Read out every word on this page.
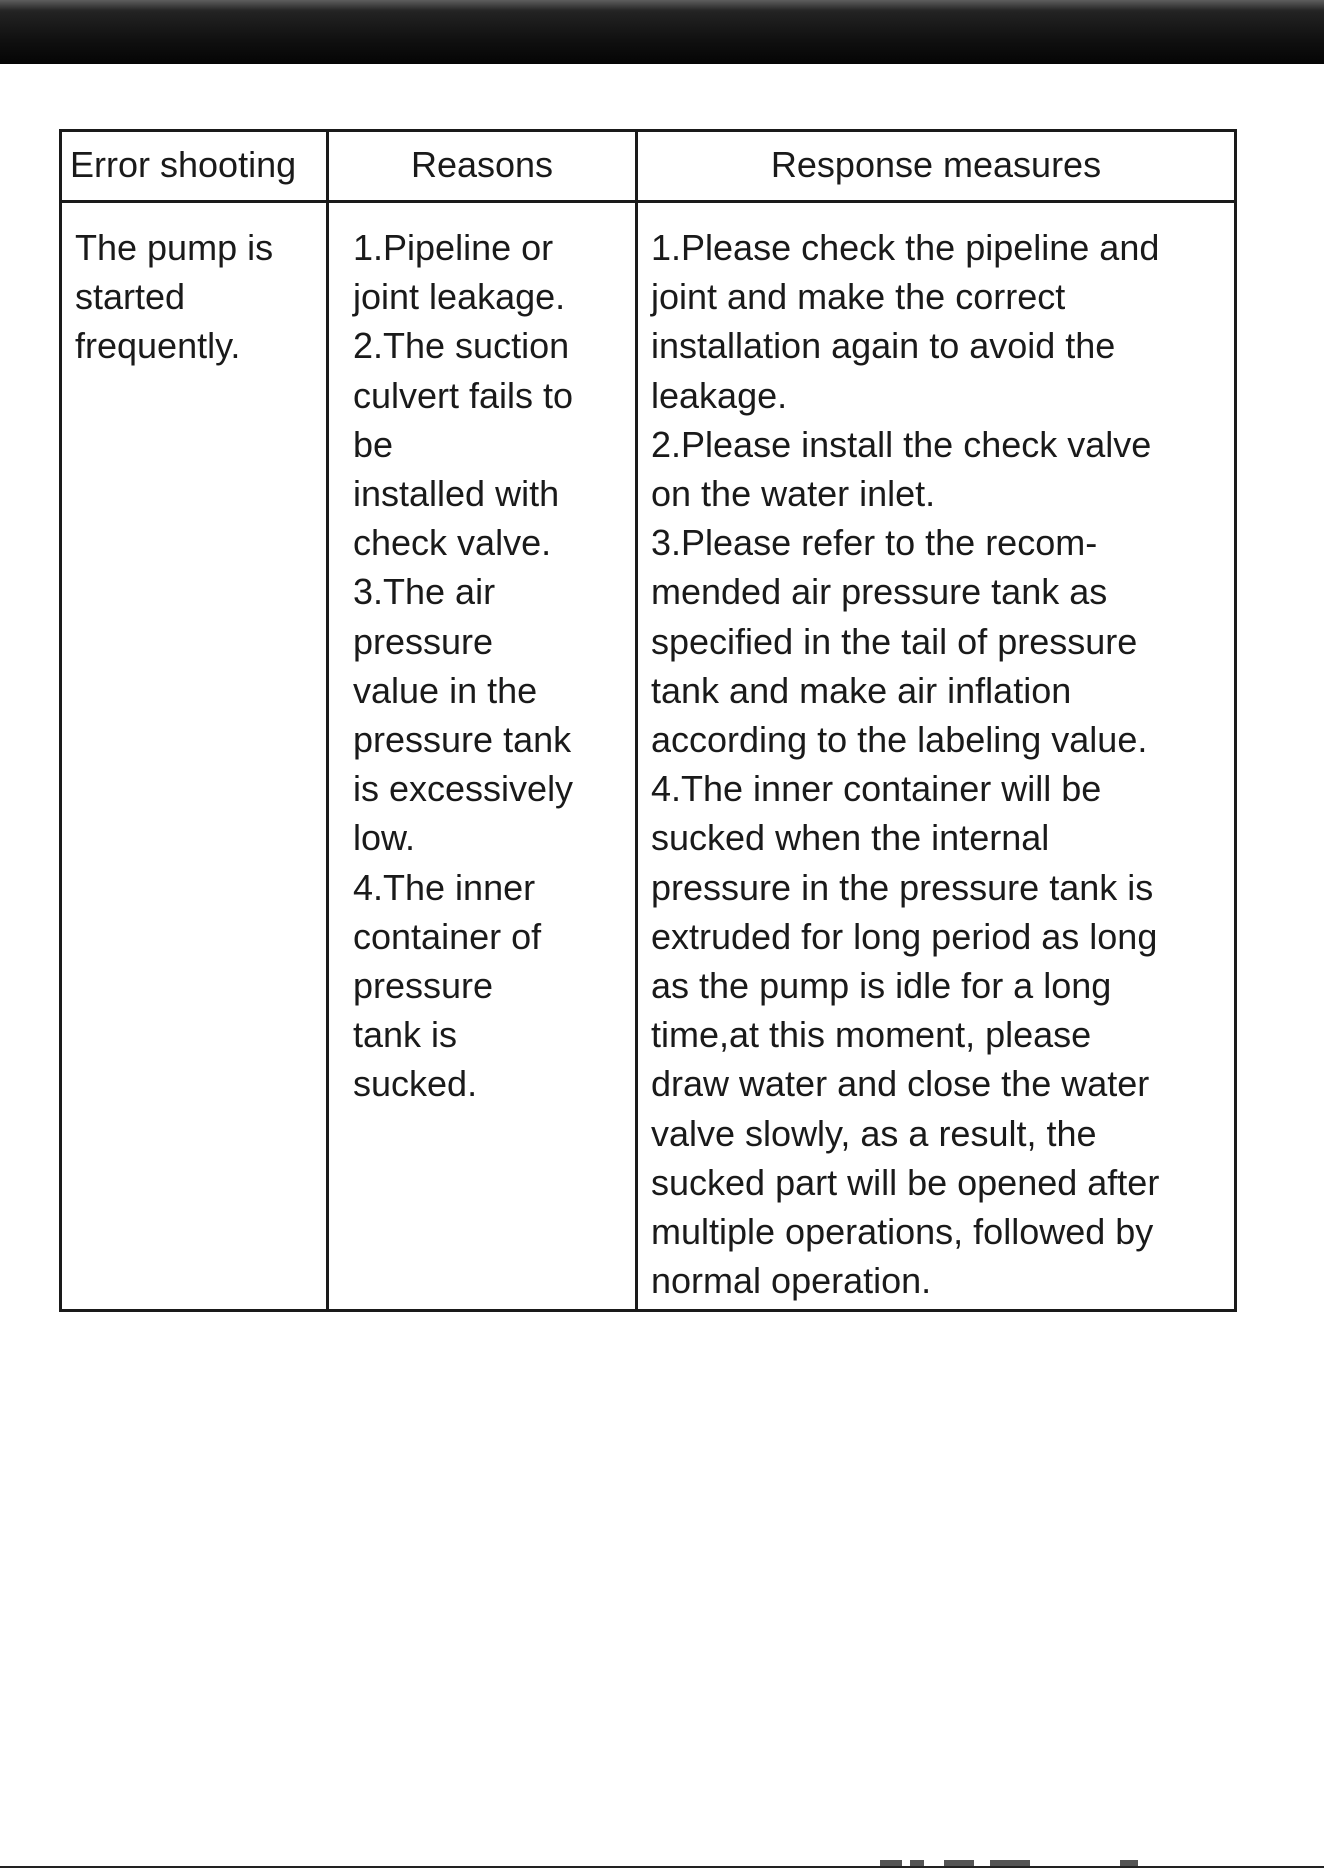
Error shooting	Reasons	Response measures
The pump is
started
frequently.
1.Pipeline or
joint leakage.
2.The suction
culvert fails to
be
installed with
check valve.
3.The air
pressure
value in the
pressure tank
is excessively
low.
4.The inner
container of
pressure
tank is
sucked.
1.Please check the pipeline and
joint and make the correct
installation again to avoid the
leakage.
2.Please install the check valve
on the water inlet.
3.Please refer to the recom-
mended air pressure tank as
specified in the tail of pressure
tank and make air inflation
according to the labeling value.
4.The inner container will be
sucked when the internal
pressure in the pressure tank is
extruded for long period as long
as the pump is idle for a long
time,at this moment, please
draw water and close the water
valve slowly, as a result, the
sucked part will be opened after
multiple operations, followed by
normal operation.
